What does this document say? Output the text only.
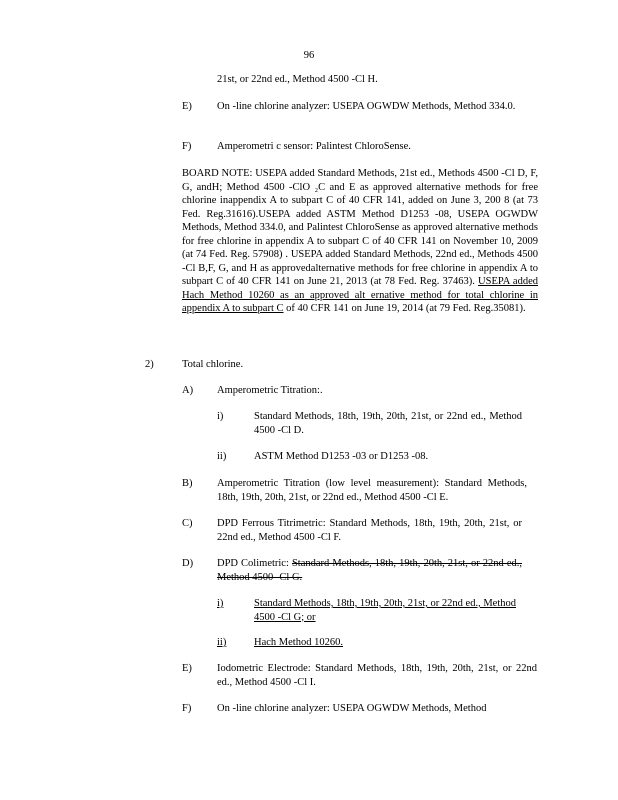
96
21st, or 22nd ed., Method 4500 -Cl H.
E) On -line chlorine analyzer: USEPA OGWDW Methods, Method 334.0.
F) Amperometri c sensor: Palintest ChloroSense.
BOARD NOTE: USEPA added Standard Methods, 21st ed., Methods 4500 -Cl D, F, G, andH; Method 4500 -ClO ₂C and E as approved alternative methods for free chlorine inappendix A to subpart C of 40 CFR 141, added on June 3, 200 8 (at 73 Fed. Reg.31616).USEPA added ASTM Method D1253 -08, USEPA OGWDW Methods, Method 334.0, and Palintest ChloroSense as approved alternative methods for free chlorine in appendix A to subpart C of 40 CFR 141 on November 10, 2009 (at 74 Fed. Reg. 57908) . USEPA added Standard Methods, 22nd ed., Methods 4500 -Cl B,F, G, and H as approvedalternative methods for free chlorine in appendix A to subpart C of 40 CFR 141 on June 21, 2013 (at 78 Fed. Reg. 37463). USEPA added Hach Method 10260 as an approved alt ernative method for total chlorine in appendix A to subpart C of 40 CFR 141 on June 19, 2014 (at 79 Fed. Reg.35081).
2)	Total chlorine.
A) Amperometric Titration:.
i)	Standard Methods, 18th, 19th, 20th, 21st, or 22nd ed., Method 4500 -Cl D.
ii)	ASTM Method D1253 -03 or D1253 -08.
B) Amperometric Titration (low level measurement): Standard Methods, 18th, 19th, 20th, 21st, or 22nd ed., Method 4500 -Cl E.
C) DPD Ferrous Titrimetric: Standard Methods, 18th, 19th, 20th, 21st, or 22nd ed., Method 4500 -Cl F.
D) DPD Colimetric: Standard Methods, 18th, 19th, 20th, 21st, or 22nd ed., Method 4500 -Cl G.
i)	Standard Methods, 18th, 19th, 20th, 21st, or 22nd ed., Method 4500 -Cl G; or
ii)	Hach Method 10260.
E) Iodometric Electrode: Standard Methods, 18th, 19th, 20th, 21st, or 22nd ed., Method 4500 -Cl I.
F) On -line chlorine analyzer: USEPA OGWDW Methods, Method
